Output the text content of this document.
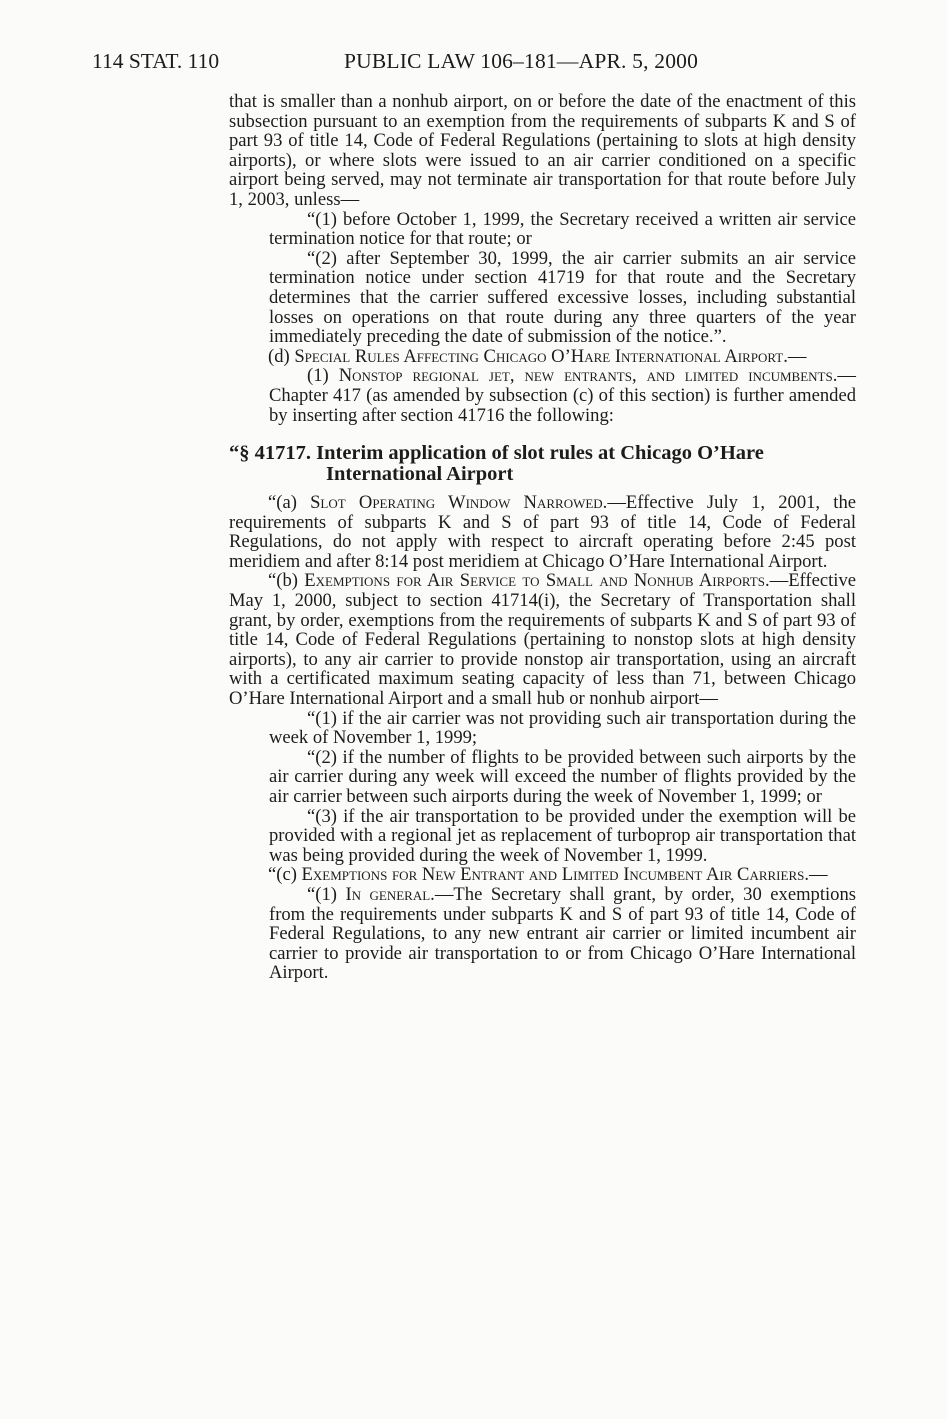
114 STAT. 110	PUBLIC LAW 106–181—APR. 5, 2000

that is smaller than a nonhub airport, on or before the date of the enactment of this subsection pursuant to an exemption from the requirements of subparts K and S of part 93 of title 14, Code of Federal Regulations (pertaining to slots at high density airports), or where slots were issued to an air carrier conditioned on a specific airport being served, may not terminate air transportation for that route before July 1, 2003, unless—

“(1) before October 1, 1999, the Secretary received a written air service termination notice for that route; or

“(2) after September 30, 1999, the air carrier submits an air service termination notice under section 41719 for that route and the Secretary determines that the carrier suffered excessive losses, including substantial losses on operations on that route during any three quarters of the year immediately preceding the date of submission of the notice.”.

(d) Special Rules Affecting Chicago O’Hare International Airport.—

(1) Nonstop regional jet, new entrants, and limited incumbents.—Chapter 417 (as amended by subsection (c) of this section) is further amended by inserting after section 41716 the following:

“§ 41717. Interim application of slot rules at Chicago O’Hare
International Airport

“(a) Slot Operating Window Narrowed.—Effective July 1, 2001, the requirements of subparts K and S of part 93 of title 14, Code of Federal Regulations, do not apply with respect to aircraft operating before 2:45 post meridiem and after 8:14 post meridiem at Chicago O’Hare International Airport.

“(b) Exemptions for Air Service to Small and Nonhub Airports.—Effective May 1, 2000, subject to section 41714(i), the Secretary of Transportation shall grant, by order, exemptions from the requirements of subparts K and S of part 93 of title 14, Code of Federal Regulations (pertaining to nonstop slots at high density airports), to any air carrier to provide nonstop air transportation, using an aircraft with a certificated maximum seating capacity of less than 71, between Chicago O’Hare International Airport and a small hub or nonhub airport—

“(1) if the air carrier was not providing such air transportation during the week of November 1, 1999;

“(2) if the number of flights to be provided between such airports by the air carrier during any week will exceed the number of flights provided by the air carrier between such airports during the week of November 1, 1999; or

“(3) if the air transportation to be provided under the exemption will be provided with a regional jet as replacement of turboprop air transportation that was being provided during the week of November 1, 1999.

“(c) Exemptions for New Entrant and Limited Incumbent Air Carriers.—

“(1) In general.—The Secretary shall grant, by order, 30 exemptions from the requirements under subparts K and S of part 93 of title 14, Code of Federal Regulations, to any new entrant air carrier or limited incumbent air carrier to provide air transportation to or from Chicago O’Hare International Airport.
